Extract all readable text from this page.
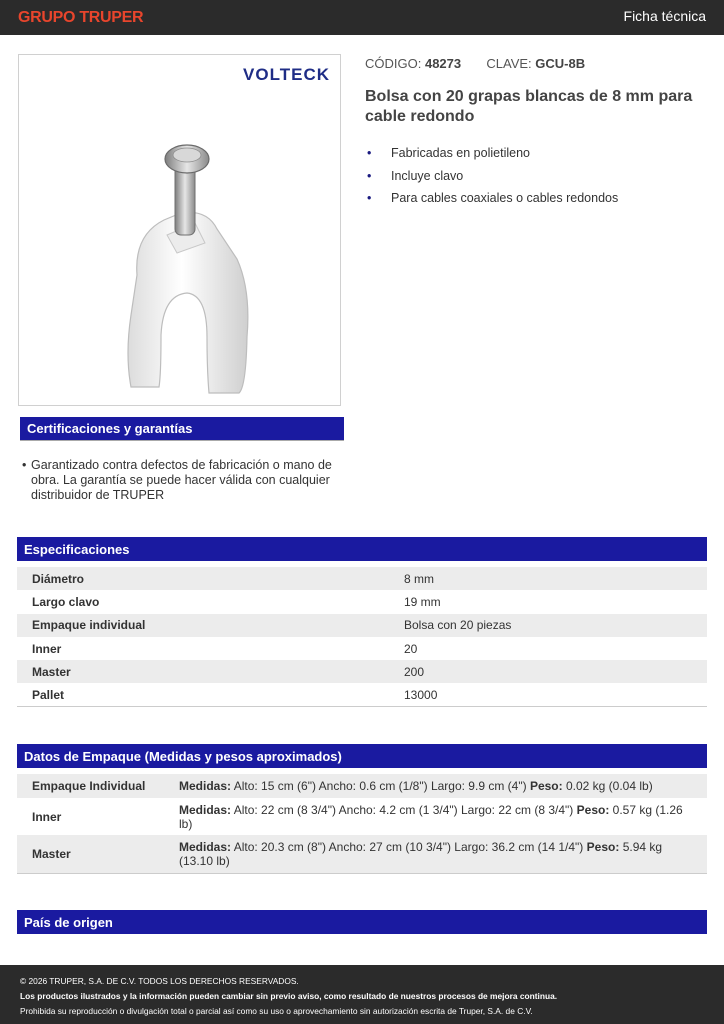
GRUPO TRUPER	Ficha técnica
VOLTECK
CÓDIGO: 48273 CLAVE: GCU-8B
Bolsa con 20 grapas blancas de 8 mm para cable redondo
• Fabricadas en polietileno
• Incluye clavo
• Para cables coaxiales o cables redondos
Certificaciones y garantías
• Garantizado contra defectos de fabricación o mano de obra. La garantía se puede hacer válida con cualquier distribuidor de TRUPER
Especificaciones
Diámetro	8 mm
Largo clavo	19 mm
Empaque individual	Bolsa con 20 piezas
Inner	20
Master	200
Pallet	13000
Datos de Empaque (Medidas y pesos aproximados)
Empaque Individual	Medidas: Alto: 15 cm (6") Ancho: 0.6 cm (1/8") Largo: 9.9 cm (4") Peso: 0.02 kg (0.04 lb)
Inner	Medidas: Alto: 22 cm (8 3/4") Ancho: 4.2 cm (1 3/4") Largo: 22 cm (8 3/4") Peso: 0.57 kg (1.26 lb)
Master	Medidas: Alto: 20.3 cm (8") Ancho: 27 cm (10 3/4") Largo: 36.2 cm (14 1/4") Peso: 5.94 kg (13.10 lb)
País de origen
© 2026 TRUPER, S.A. DE C.V. TODOS LOS DERECHOS RESERVADOS.
Los productos ilustrados y la información pueden cambiar sin previo aviso, como resultado de nuestros procesos de mejora continua.
Prohibida su reproducción o divulgación total o parcial así como su uso o aprovechamiento sin autorización escrita de Truper, S.A. de C.V.
